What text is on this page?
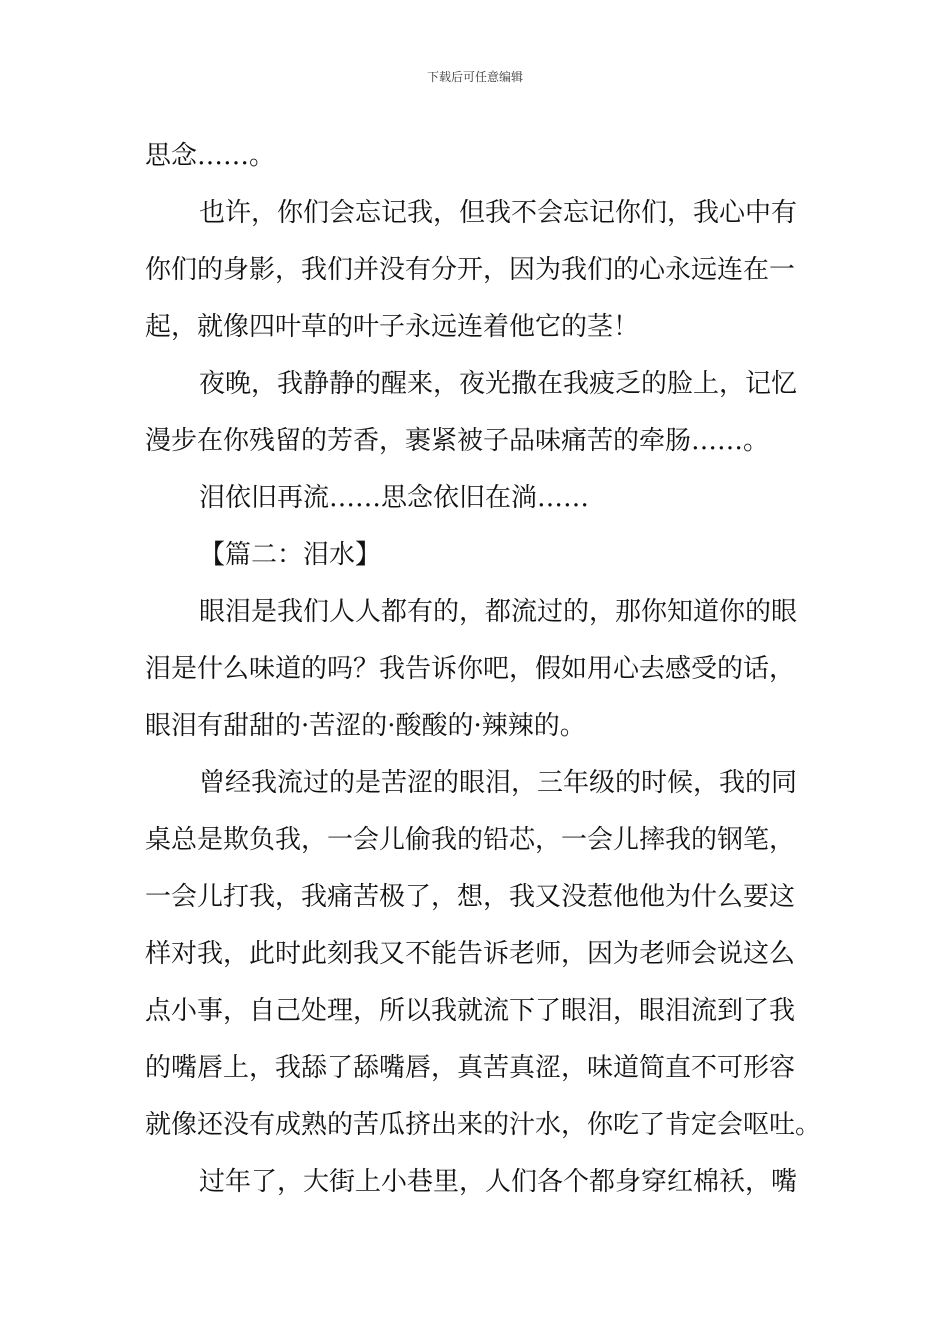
下载后可任意编辑
思念……。
也许，你们会忘记我，但我不会忘记你们，我心中有
你们的身影，我们并没有分开，因为我们的心永远连在一
起，就像四叶草的叶子永远连着他它的茎！
夜晚，我静静的醒来，夜光撒在我疲乏的脸上，记忆
漫步在你残留的芳香，裹紧被子品味痛苦的牵肠……。
泪依旧再流……思念依旧在淌……
【篇二：泪水】
眼泪是我们人人都有的，都流过的，那你知道你的眼
泪是什么味道的吗？我告诉你吧，假如用心去感受的话，
眼泪有甜甜的·苦涩的·酸酸的·辣辣的。
曾经我流过的是苦涩的眼泪，三年级的时候，我的同
桌总是欺负我，一会儿偷我的铅芯，一会儿摔我的钢笔，
一会儿打我，我痛苦极了，想，我又没惹他他为什么要这
样对我，此时此刻我又不能告诉老师，因为老师会说这么
点小事，自己处理，所以我就流下了眼泪，眼泪流到了我
的嘴唇上，我舔了舔嘴唇，真苦真涩，味道简直不可形容
就像还没有成熟的苦瓜挤出来的汁水，你吃了肯定会呕吐。
过年了，大街上小巷里，人们各个都身穿红棉袄，嘴
